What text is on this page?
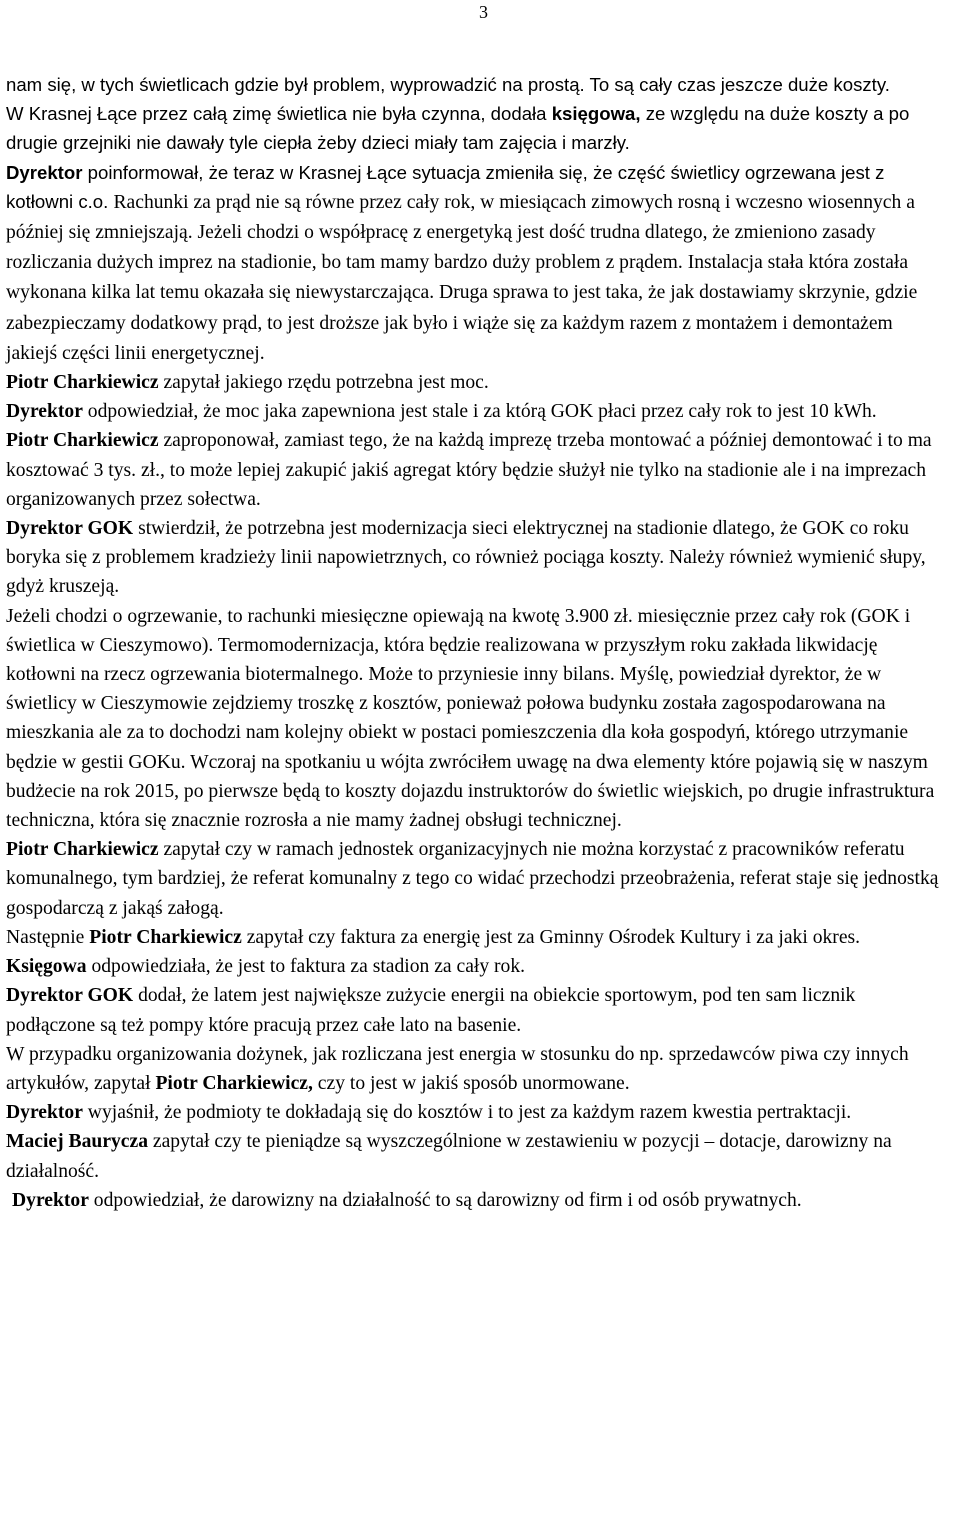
3

nam się, w tych świetlicach gdzie był problem, wyprowadzić na prostą. To są cały czas jeszcze duże koszty.

W Krasnej Łące przez całą zimę świetlica nie była czynna, dodała księgowa, ze względu na duże koszty a po drugie grzejniki nie dawały tyle ciepła żeby dzieci miały tam zajęcia i marzły.

Dyrektor poinformował, że teraz w Krasnej Łące sytuacja zmieniła się, że część świetlicy ogrzewana jest z kotłowni c.o. Rachunki za prąd nie są równe przez cały rok, w miesiącach zimowych rosną i wczesno wiosennych a później się zmniejszają. Jeżeli chodzi o współpracę z energetyką jest dość trudna dlatego, że zmieniono zasady rozliczania dużych imprez na stadionie, bo tam mamy bardzo duży problem z prądem. Instalacja stała która została wykonana kilka lat temu okazała się niewystarczająca. Druga sprawa to jest taka, że jak dostawiamy skrzynie, gdzie zabezpieczamy dodatkowy prąd, to jest droższe jak było i wiąże się za każdym razem z montażem i demontażem jakiejś części linii energetycznej.

Piotr Charkiewicz zapytał jakiego rzędu potrzebna jest moc.

Dyrektor odpowiedział, że moc jaka zapewniona jest stale i za którą GOK płaci przez cały rok to jest 10 kWh.

Piotr Charkiewicz zaproponował, zamiast tego, że na każdą imprezę trzeba montować a później demontować i to ma kosztować 3 tys. zł., to może lepiej zakupić jakiś agregat który będzie służył nie tylko na stadionie ale i na imprezach organizowanych przez sołectwa.

Dyrektor GOK stwierdził, że potrzebna jest modernizacja sieci elektrycznej na stadionie dlatego, że GOK co roku boryka się z problemem kradzieży linii napowietrznych, co również pociąga koszty. Należy również wymienić słupy, gdyż kruszeją.

Jeżeli chodzi o ogrzewanie, to rachunki miesięczne opiewają na kwotę 3.900 zł. miesięcznie przez cały rok (GOK i świetlica w Cieszymowo). Termomodernizacja, która będzie realizowana w przyszłym roku zakłada likwidację kotłowni na rzecz ogrzewania biotermalnego. Może to przyniesie inny bilans. Myślę, powiedział dyrektor, że w świetlicy w Cieszymowie zejdziemy troszkę z kosztów, ponieważ połowa budynku została zagospodarowana na mieszkania ale za to dochodzi nam kolejny obiekt w postaci pomieszczenia dla koła gospodyń, którego utrzymanie będzie w gestii GOKu. Wczoraj na spotkaniu u wójta zwróciłem uwagę na dwa elementy które pojawią się w naszym budżecie na rok 2015, po pierwsze będą to koszty dojazdu instruktorów do świetlic wiejskich, po drugie infrastruktura techniczna, która się znacznie rozrosła a nie mamy żadnej obsługi technicznej.

Piotr Charkiewicz zapytał czy w ramach jednostek organizacyjnych nie można korzystać z pracowników referatu komunalnego, tym bardziej, że referat komunalny z tego co widać przechodzi przeobrażenia, referat staje się jednostką gospodarczą z jakąś załogą.

Następnie Piotr Charkiewicz zapytał czy faktura za energię jest za Gminny Ośrodek Kultury i za jaki okres.

Księgowa odpowiedziała, że jest to faktura za stadion za cały rok.

Dyrektor GOK dodał, że latem jest największe zużycie energii na obiekcie sportowym, pod ten sam licznik podłączone są też pompy które pracują przez całe lato na basenie.

W przypadku organizowania dożynek, jak rozliczana jest energia w stosunku do np. sprzedawców piwa czy innych artykułów, zapytał Piotr Charkiewicz, czy to jest w jakiś sposób unormowane.

Dyrektor wyjaśnił, że podmioty te dokładają się do kosztów i to jest za każdym razem kwestia pertraktacji.

Maciej Baurycza zapytał czy te pieniądze są wyszczególnione w zestawieniu w pozycji – dotacje, darowizny na działalność.

Dyrektor odpowiedział, że darowizny na działalność to są darowizny od firm i od osób prywatnych.
